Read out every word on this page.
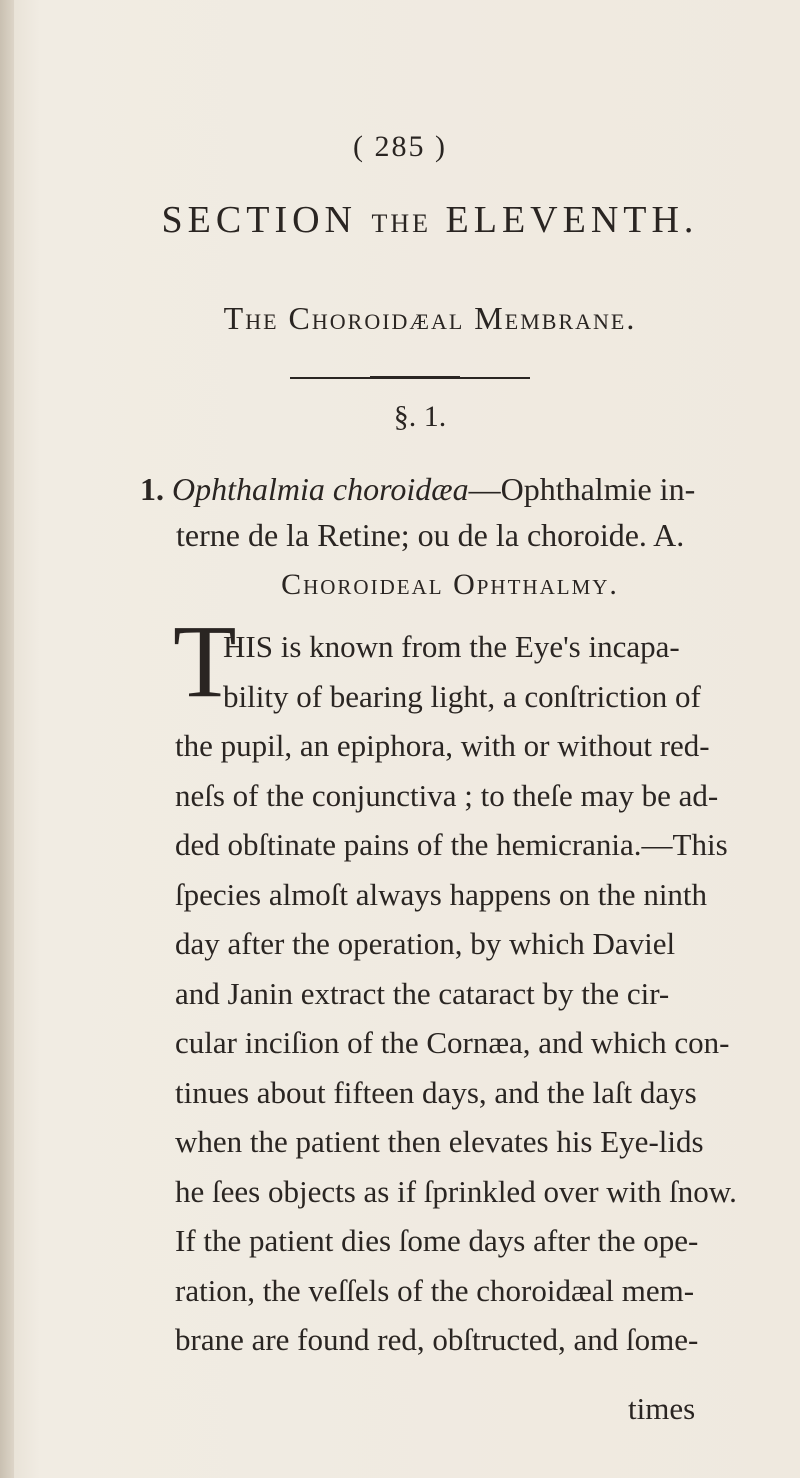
( 285 )
SECTION THE ELEVENTH.
The Choroidæal Membrane.
§. 1.
1. Ophthalmia choroidæa—Ophthalmie in-
terne de la Retine; ou de la choroide. A.
Choroideal Ophthalmy.
T
HIS is known from the Eye's incapa-
bility of bearing light, a conſtriction of
the pupil, an epiphora, with or without red-
neſs of the conjunctiva ; to theſe may be ad-
ded obſtinate pains of the hemicrania.—This
ſpecies almoſt always happens on the ninth
day after the operation, by which Daviel
and Janin extract the cataract by the cir-
cular inciſion of the Cornæa, and which con-
tinues about fifteen days, and the laſt days
when the patient then elevates his Eye-lids
he ſees objects as if ſprinkled over with ſnow.
If the patient dies ſome days after the ope-
ration, the veſſels of the choroidæal mem-
brane are found red, obſtructed, and ſome-
times
